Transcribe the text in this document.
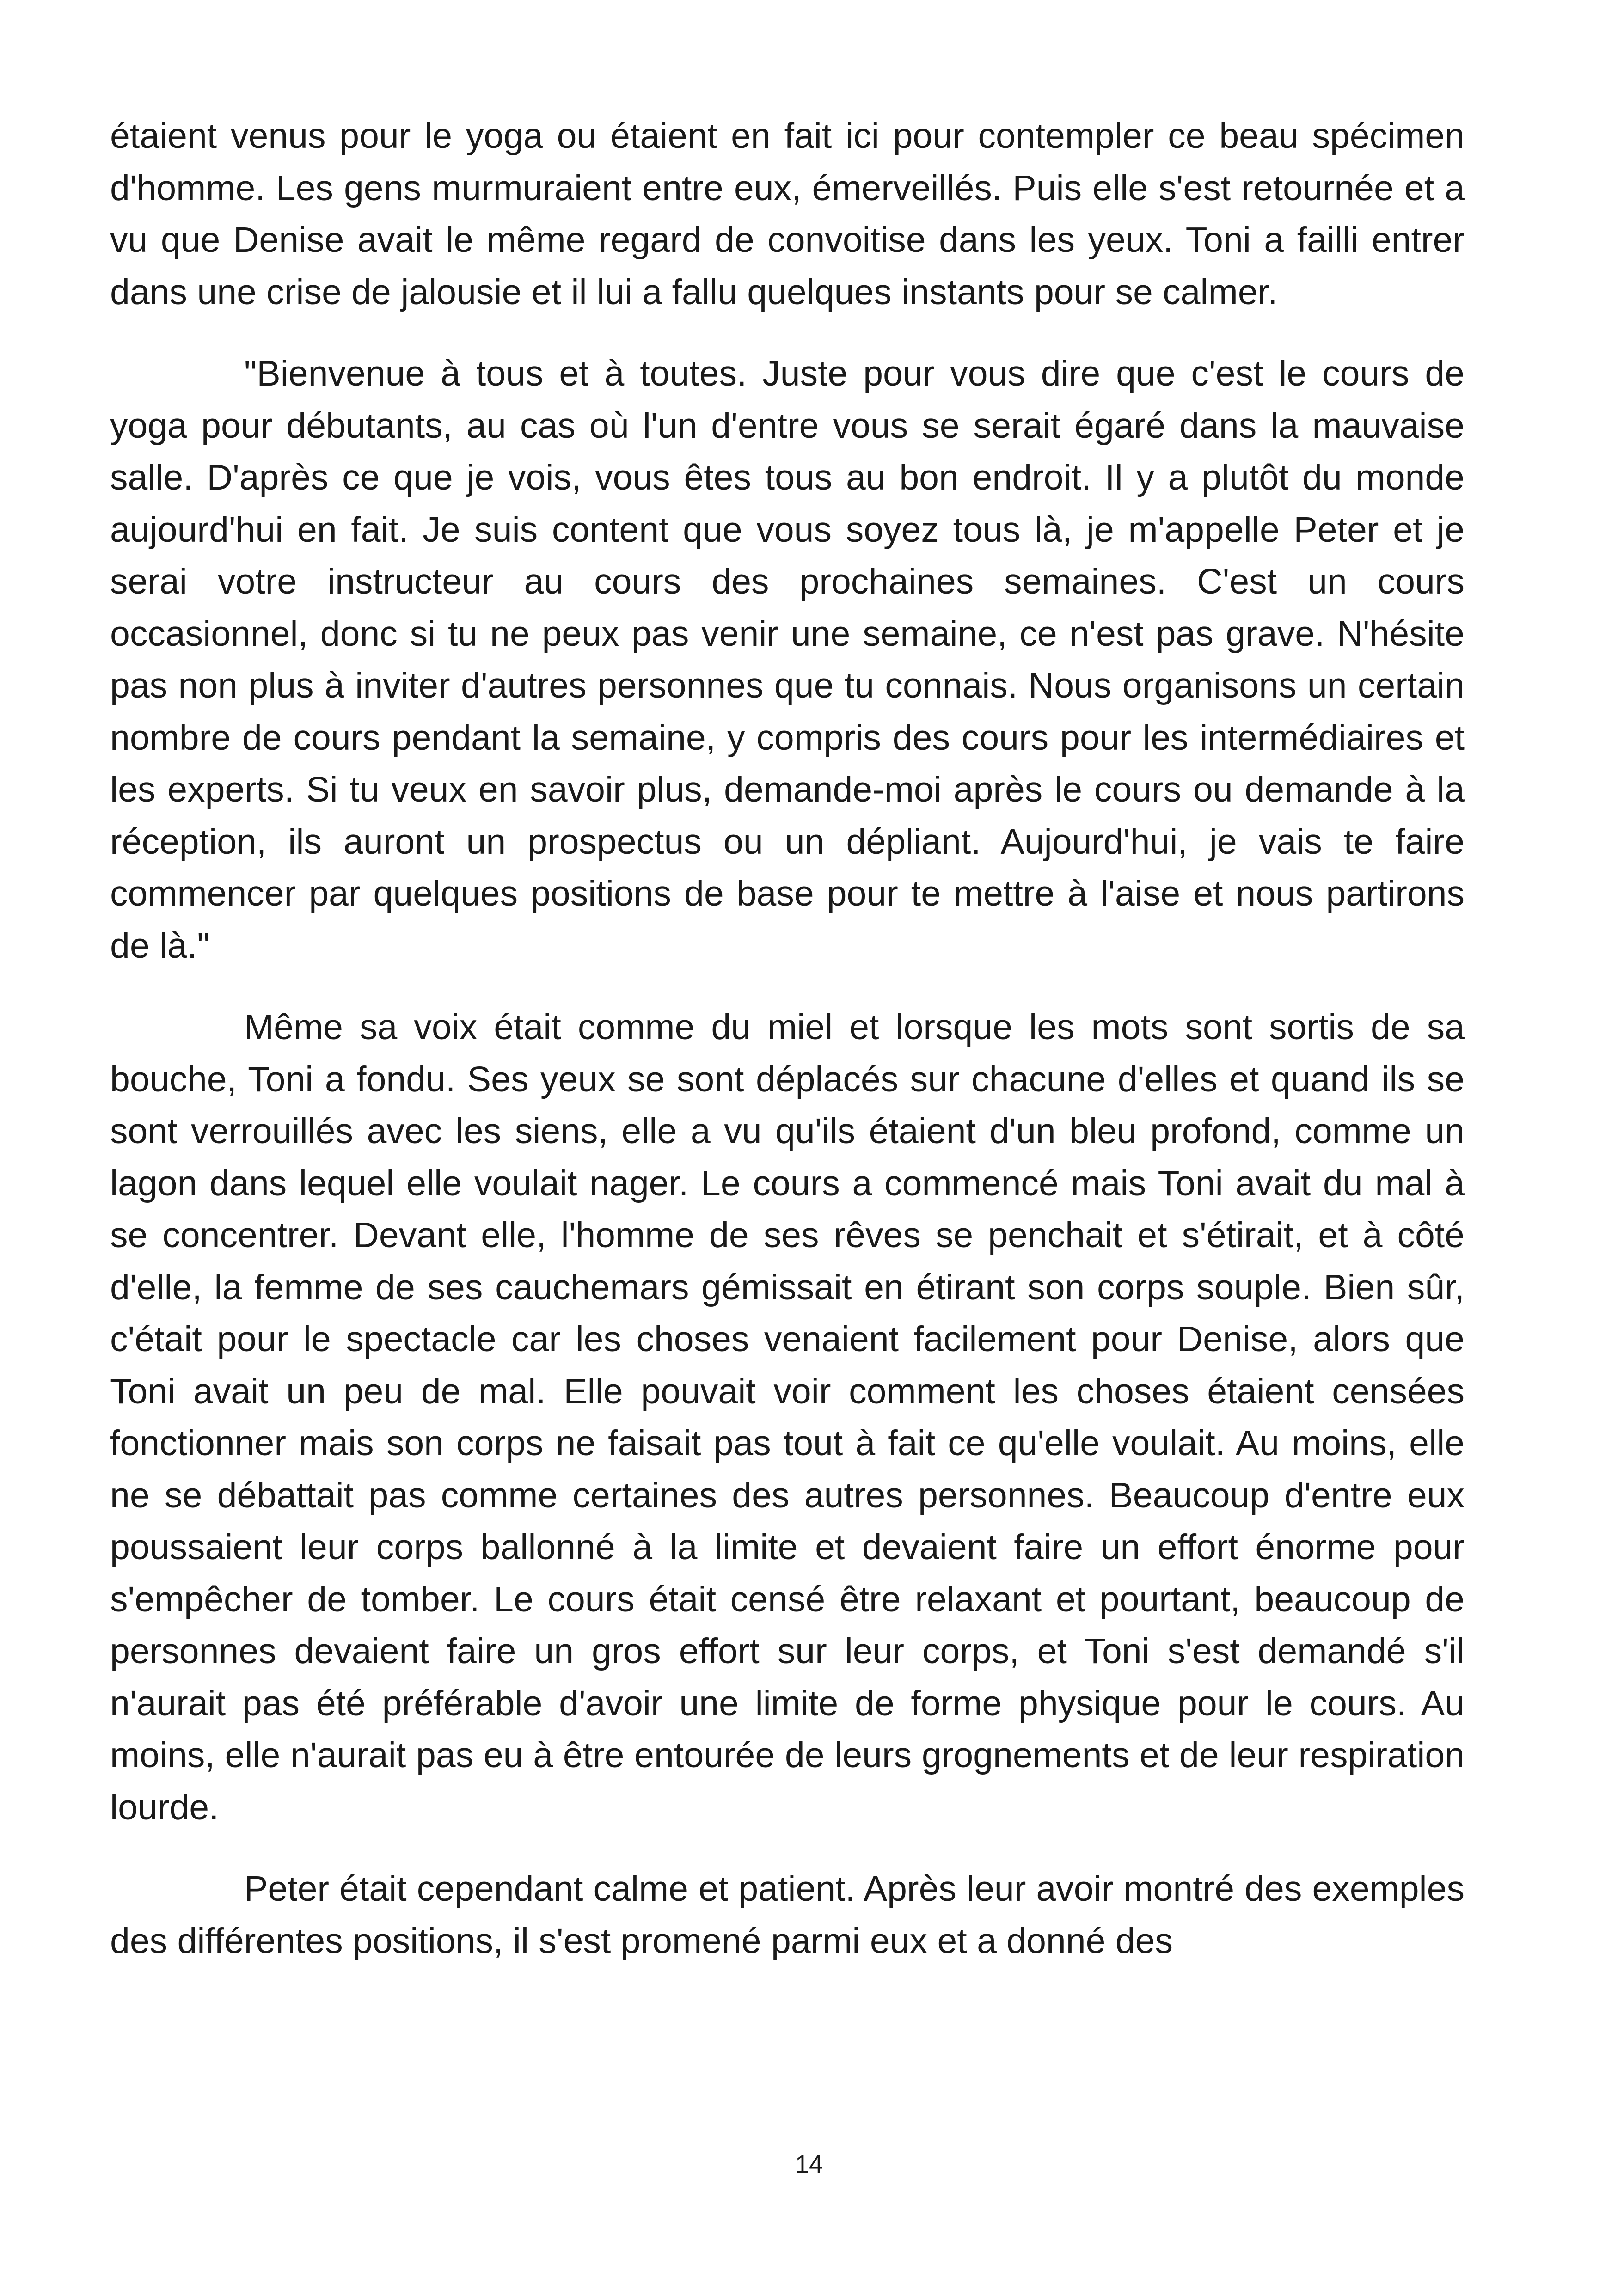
étaient venus pour le yoga ou étaient en fait ici pour contempler ce beau spécimen d'homme. Les gens murmuraient entre eux, émerveillés. Puis elle s'est retournée et a vu que Denise avait le même regard de convoitise dans les yeux. Toni a failli entrer dans une crise de jalousie et il lui a fallu quelques instants pour se calmer.

"Bienvenue à tous et à toutes. Juste pour vous dire que c'est le cours de yoga pour débutants, au cas où l'un d'entre vous se serait égaré dans la mauvaise salle. D'après ce que je vois, vous êtes tous au bon endroit. Il y a plutôt du monde aujourd'hui en fait. Je suis content que vous soyez tous là, je m'appelle Peter et je serai votre instructeur au cours des prochaines semaines. C'est un cours occasionnel, donc si tu ne peux pas venir une semaine, ce n'est pas grave. N'hésite pas non plus à inviter d'autres personnes que tu connais. Nous organisons un certain nombre de cours pendant la semaine, y compris des cours pour les intermédiaires et les experts. Si tu veux en savoir plus, demande-moi après le cours ou demande à la réception, ils auront un prospectus ou un dépliant. Aujourd'hui, je vais te faire commencer par quelques positions de base pour te mettre à l'aise et nous partirons de là."

Même sa voix était comme du miel et lorsque les mots sont sortis de sa bouche, Toni a fondu. Ses yeux se sont déplacés sur chacune d'elles et quand ils se sont verrouillés avec les siens, elle a vu qu'ils étaient d'un bleu profond, comme un lagon dans lequel elle voulait nager. Le cours a commencé mais Toni avait du mal à se concentrer. Devant elle, l'homme de ses rêves se penchait et s'étirait, et à côté d'elle, la femme de ses cauchemars gémissait en étirant son corps souple. Bien sûr, c'était pour le spectacle car les choses venaient facilement pour Denise, alors que Toni avait un peu de mal. Elle pouvait voir comment les choses étaient censées fonctionner mais son corps ne faisait pas tout à fait ce qu'elle voulait. Au moins, elle ne se débattait pas comme certaines des autres personnes. Beaucoup d'entre eux poussaient leur corps ballonné à la limite et devaient faire un effort énorme pour s'empêcher de tomber. Le cours était censé être relaxant et pourtant, beaucoup de personnes devaient faire un gros effort sur leur corps, et Toni s'est demandé s'il n'aurait pas été préférable d'avoir une limite de forme physique pour le cours. Au moins, elle n'aurait pas eu à être entourée de leurs grognements et de leur respiration lourde.

Peter était cependant calme et patient. Après leur avoir montré des exemples des différentes positions, il s'est promené parmi eux et a donné des

14
